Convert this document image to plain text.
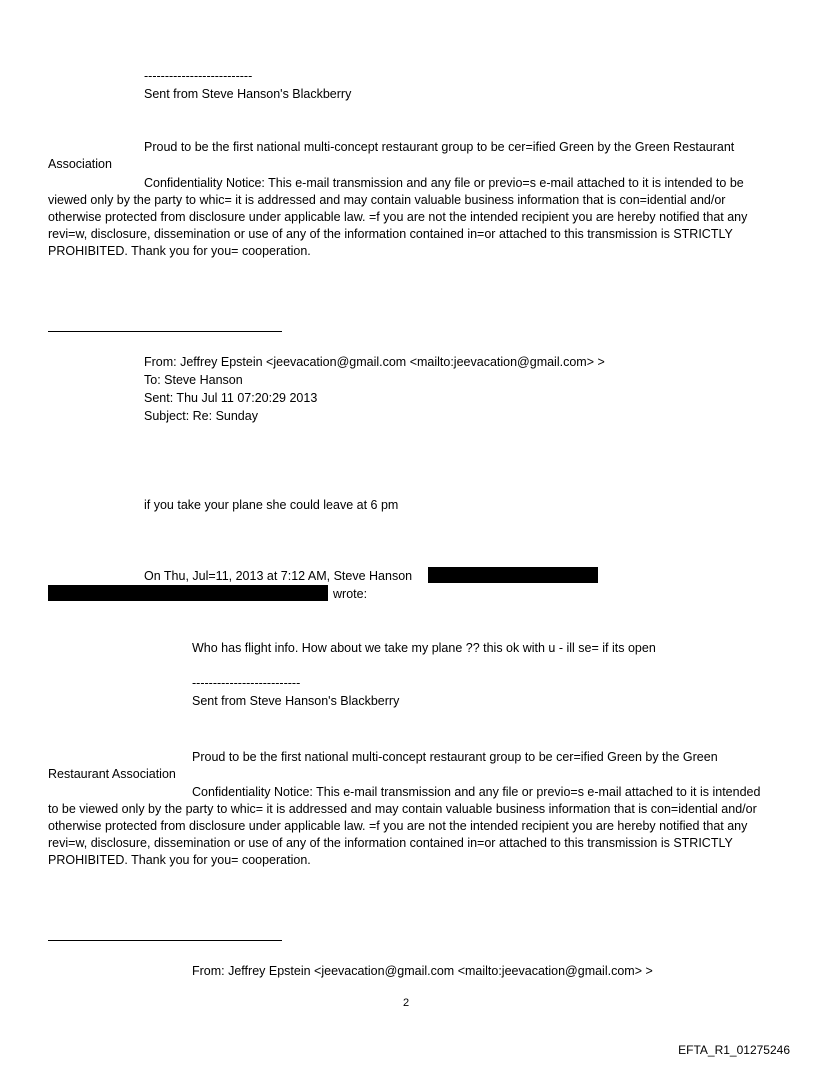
--------------------------
Sent from Steve Hanson's Blackberry
Proud to be the first national multi-concept restaurant group to be cer=ified Green by the Green Restaurant Association
Confidentiality Notice: This e-mail transmission and any file or previo=s e-mail attached to it is intended to be viewed only by the party to whic= it is addressed and may contain valuable business information that is con=idential and/or otherwise protected from disclosure under applicable law. =f you are not the intended recipient you are hereby notified that any revi=w, disclosure, dissemination or use of any of the information contained in=or attached to this transmission is STRICTLY PROHIBITED. Thank you for you= cooperation.
From: Jeffrey Epstein <jeevacation@gmail.com <mailto:jeevacation@gmail.com> >
To: Steve Hanson
Sent: Thu Jul 11 07:20:29 2013
Subject: Re: Sunday
if you take your plane she could leave at 6 pm
On Thu, Jul=11, 2013 at 7:12 AM, Steve Hanson
wrote:
Who has flight info. How about we take my plane ?? this ok with u - ill se= if its open
--------------------------
Sent from Steve Hanson's Blackberry
Proud to be the first national multi-concept restaurant group to be cer=ified Green by the Green Restaurant Association
Confidentiality Notice: This e-mail transmission and any file or previo=s e-mail attached to it is intended to be viewed only by the party to whic= it is addressed and may contain valuable business information that is con=idential and/or otherwise protected from disclosure under applicable law. =f you are not the intended recipient you are hereby notified that any revi=w, disclosure, dissemination or use of any of the information contained in=or attached to this transmission is STRICTLY PROHIBITED. Thank you for you= cooperation.
From: Jeffrey Epstein <jeevacation@gmail.com <mailto:jeevacation@gmail.com> >
2
EFTA_R1_01275246
